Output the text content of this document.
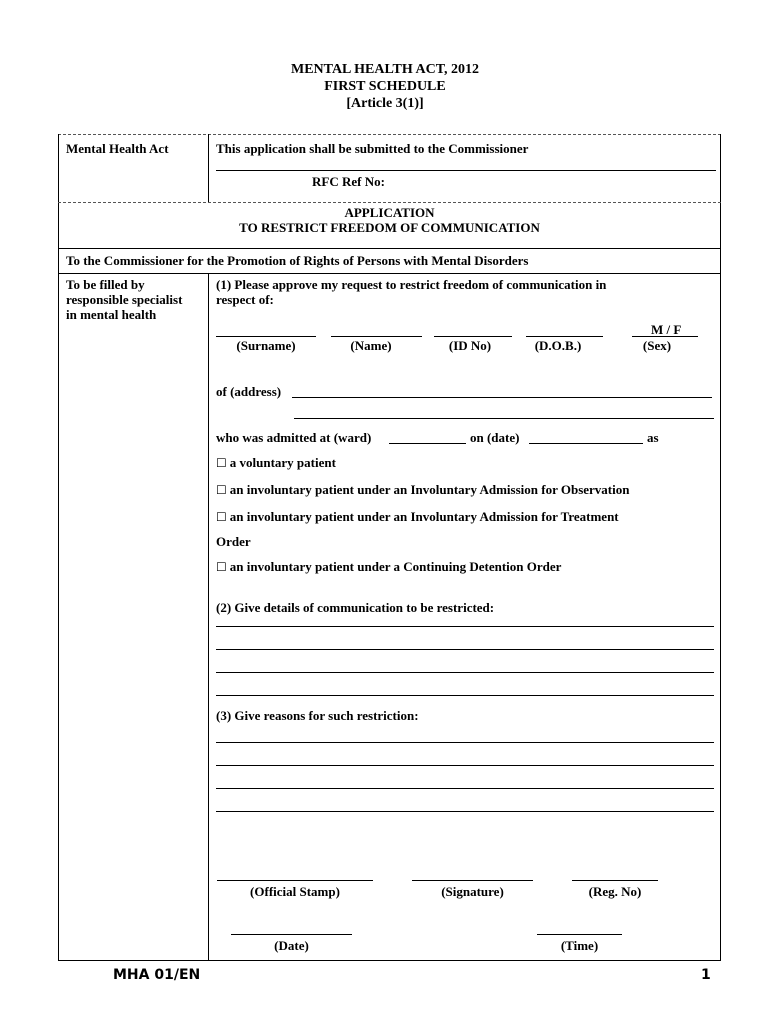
MENTAL HEALTH ACT, 2012
FIRST SCHEDULE
[Article 3(1)]
Mental Health Act	This application shall be submitted to the Commissioner
RFC Ref No:
APPLICATION
TO RESTRICT FREEDOM OF COMMUNICATION
To the Commissioner for the Promotion of Rights of Persons with Mental Disorders
To be filled by
responsible specialist
in mental health
(1) Please approve my request to restrict freedom of communication in
respect of:
M / F
(Surname)	(Name)	(ID No)	(D.O.B.)	(Sex)
of (address)
who was admitted at (ward)	on (date)	as
☐ a voluntary patient
☐ an involuntary patient under an Involuntary Admission for Observation
☐ an involuntary patient under an Involuntary Admission for Treatment
Order
☐ an involuntary patient under a Continuing Detention Order
(2) Give details of communication to be restricted:
(3) Give reasons for such restriction:
(Official Stamp)	(Signature)	(Reg. No)
(Date)	(Time)
MHA 01/EN	1
